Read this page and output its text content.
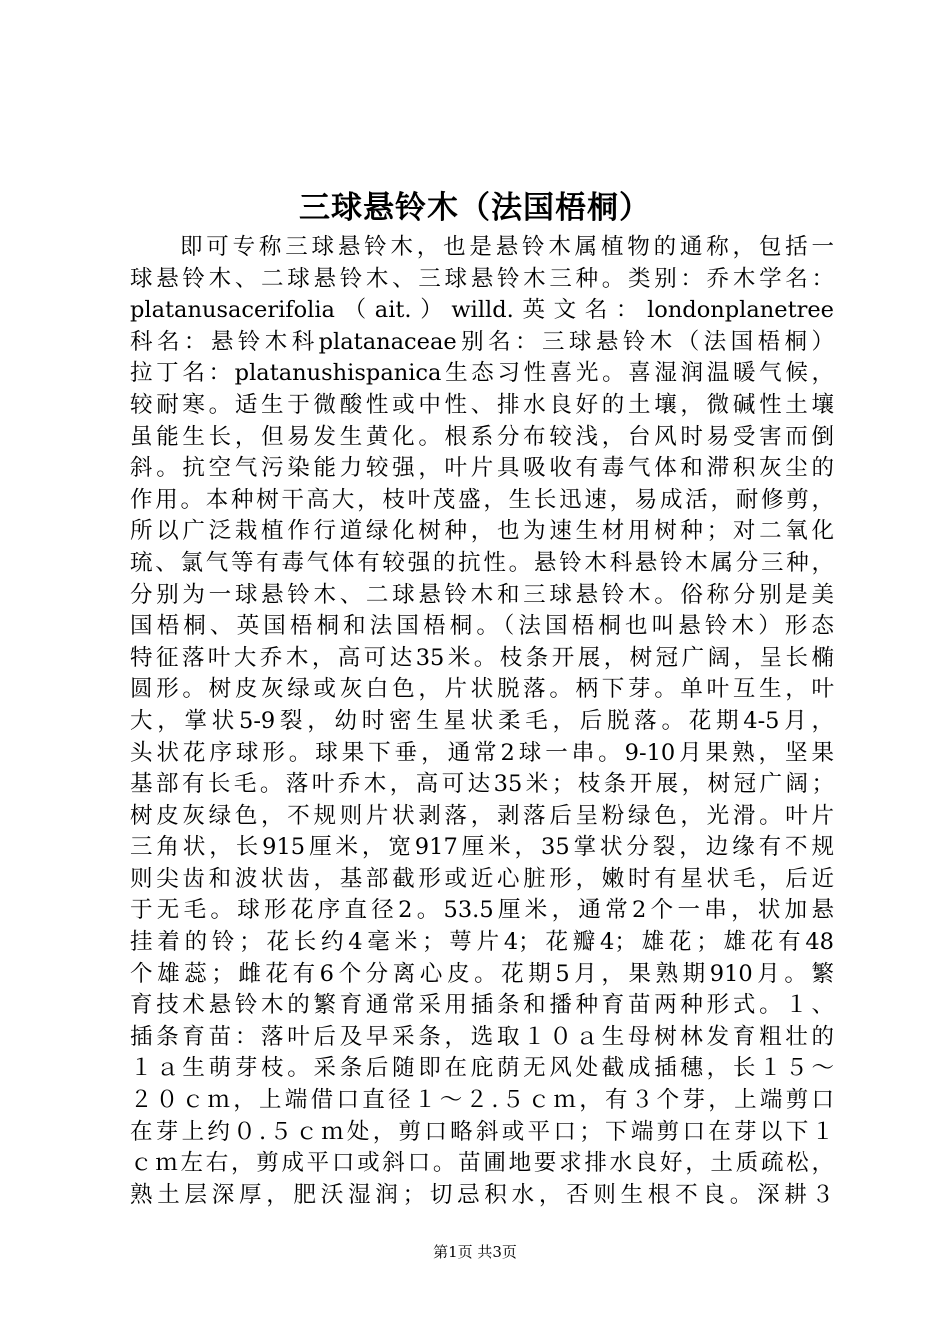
三球悬铃木（法国梧桐）
即可专称三球悬铃木，也是悬铃木属植物的通称，包括一
球悬铃木、二球悬铃木、三球悬铃木三种。类别：乔木学名：
platanusacerifolia（ait.）willd.英文名：londonplanetree
科名：悬铃木科platanaceae别名：三球悬铃木（法国梧桐）
拉丁名：platanushispanica生态习性喜光。喜湿润温暖气候，
较耐寒。适生于微酸性或中性、排水良好的土壤，微碱性土壤
虽能生长，但易发生黄化。根系分布较浅，台风时易受害而倒
斜。抗空气污染能力较强，叶片具吸收有毒气体和滞积灰尘的
作用。本种树干高大，枝叶茂盛，生长迅速，易成活，耐修剪，
所以广泛栽植作行道绿化树种，也为速生材用树种；对二氧化
琉、氯气等有毒气体有较强的抗性。悬铃木科悬铃木属分三种，
分别为一球悬铃木、二球悬铃木和三球悬铃木。俗称分别是美
国梧桐、英国梧桐和法国梧桐。（法国梧桐也叫悬铃木）形态
特征落叶大乔木，高可达35米。枝条开展，树冠广阔，呈长椭
圆形。树皮灰绿或灰白色，片状脱落。柄下芽。单叶互生，叶
大，掌状5-9裂，幼时密生星状柔毛，后脱落。花期4-5月，
头状花序球形。球果下垂，通常2球一串。9-10月果熟，坚果
基部有长毛。落叶乔木，高可达35米；枝条开展，树冠广阔；
树皮灰绿色，不规则片状剥落，剥落后呈粉绿色，光滑。叶片
三角状，长915厘米，宽917厘米，35掌状分裂，边缘有不规
则尖齿和波状齿，基部截形或近心脏形，嫩时有星状毛，后近
于无毛。球形花序直径2。53.5厘米，通常2个一串，状加悬
挂着的铃；花长约4毫米；萼片4；花瓣4；雄花；雄花有48
个雄蕊；雌花有6个分离心皮。花期5月，果熟期910月。繁
育技术悬铃木的繁育通常采用插条和播种育苗两种形式。１、
插条育苗：落叶后及早采条，选取１０ａ生母树林发育粗壮的
１ａ生萌芽枝。采条后随即在庇荫无风处截成插穗，长１５～
２０ｃｍ，上端借口直径１～２.５ｃｍ，有３个芽，上端剪口
在芽上约０.５ｃｍ处，剪口略斜或平口；下端剪口在芽以下１
ｃｍ左右，剪成平口或斜口。苗圃地要求排水良好，土质疏松，
熟土层深厚，肥沃湿润；切忌积水，否则生根不良。深耕３
第1页 共3页
